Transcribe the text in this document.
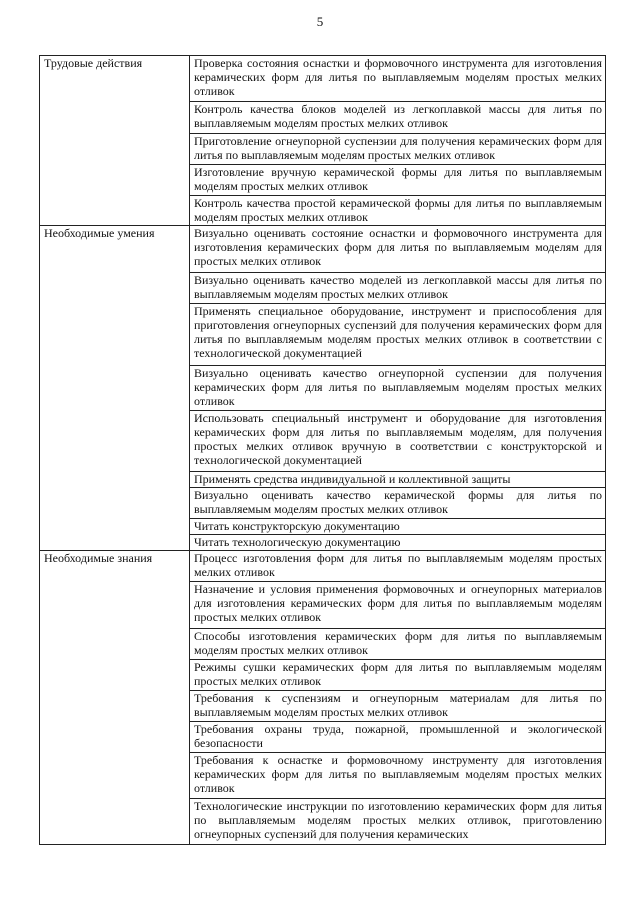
5
Трудовые действия	Проверка состояния оснастки и формовочного инструмента для изготовления керамических форм для литья по выплавляемым моделям простых мелких отливок
	Контроль качества блоков моделей из легкоплавкой массы для литья по выплавляемым моделям простых мелких отливок
	Приготовление огнеупорной суспензии для получения керамических форм для литья по выплавляемым моделям простых мелких отливок
	Изготовление вручную керамической формы для литья по выплавляемым моделям простых мелких отливок
	Контроль качества простой керамической формы для литья по выплавляемым моделям простых мелких отливок
Необходимые умения	Визуально оценивать состояние оснастки и формовочного инструмента для изготовления керамических форм для литья по выплавляемым моделям для простых мелких отливок
	Визуально оценивать качество моделей из легкоплавкой массы для литья по выплавляемым моделям простых мелких отливок
	Применять специальное оборудование, инструмент и приспособления для приготовления огнеупорных суспензий для получения керамических форм для литья по выплавляемым моделям простых мелких отливок в соответствии с технологической документацией
	Визуально оценивать качество огнеупорной суспензии для получения керамических форм для литья по выплавляемым моделям простых мелких отливок
	Использовать специальный инструмент и оборудование для изготовления керамических форм для литья по выплавляемым моделям, для получения простых мелких отливок вручную в соответствии с конструкторской и технологической документацией
	Применять средства индивидуальной и коллективной защиты
	Визуально оценивать качество керамической формы для литья по выплавляемым моделям простых мелких отливок
	Читать конструкторскую документацию
	Читать технологическую документацию
Необходимые знания	Процесс изготовления форм для литья по выплавляемым моделям простых мелких отливок
	Назначение и условия применения формовочных и огнеупорных материалов для изготовления керамических форм для литья по выплавляемым моделям простых мелких отливок
	Способы изготовления керамических форм для литья по выплавляемым моделям простых мелких отливок
	Режимы сушки керамических форм для литья по выплавляемым моделям простых мелких отливок
	Требования к суспензиям и огнеупорным материалам для литья по выплавляемым моделям простых мелких отливок
	Требования охраны труда, пожарной, промышленной и экологической безопасности
	Требования к оснастке и формовочному инструменту для изготовления керамических форм для литья по выплавляемым моделям простых мелких отливок
	Технологические инструкции по изготовлению керамических форм для литья по выплавляемым моделям простых мелких отливок, приготовлению огнеупорных суспензий для получения керамических
